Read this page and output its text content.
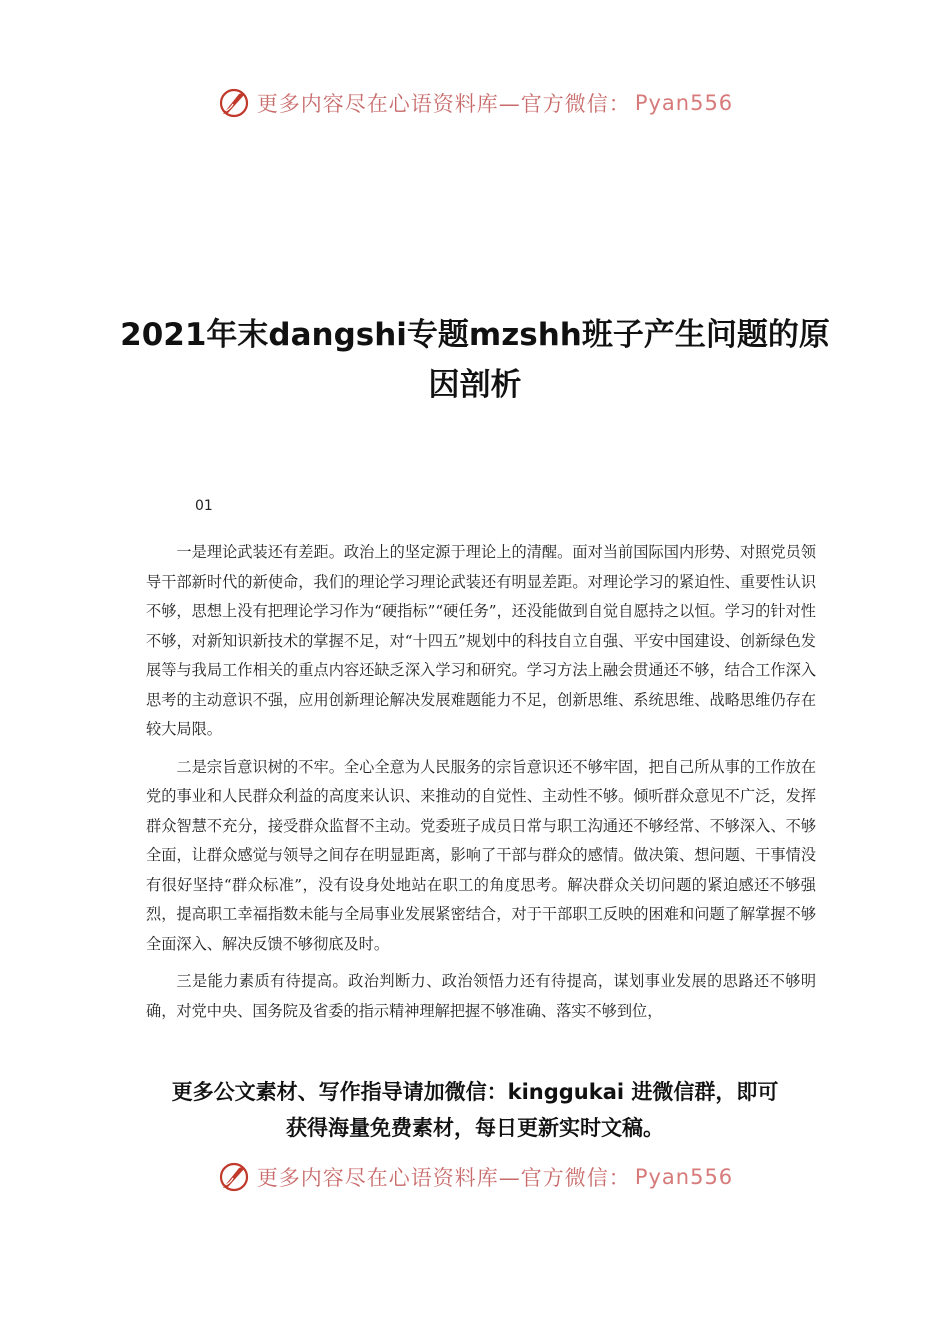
更多内容尽在心语资料库—官方微信： Pyan556
2021年末dangshi专题mzshh班子产生问题的原因剖析
01

一是理论武装还有差距。政治上的坚定源于理论上的清醒。面对当前国际国内形势、对照党员领导干部新时代的新使命，我们的理论学习理论武装还有明显差距。对理论学习的紧迫性、重要性认识不够，思想上没有把理论学习作为“硬指标”“硬任务”，还没能做到自觉自愿持之以恒。学习的针对性不够，对新知识新技术的掌握不足，对“十四五”规划中的科技自立自强、平安中国建设、创新绿色发展等与我局工作相关的重点内容还缺乏深入学习和研究。学习方法上融会贯通还不够，结合工作深入思考的主动意识不强，应用创新理论解决发展难题能力不足，创新思维、系统思维、战略思维仍存在较大局限。

二是宗旨意识树的不牢。全心全意为人民服务的宗旨意识还不够牢固，把自己所从事的工作放在党的事业和人民群众利益的高度来认识、来推动的自觉性、主动性不够。倾听群众意见不广泛，发挥群众智慧不充分，接受群众监督不主动。党委班子成员日常与职工沟通还不够经常、不够深入、不够全面，让群众感觉与领导之间存在明显距离，影响了干部与群众的感情。做决策、想问题、干事情没有很好坚持“群众标准”，没有设身处地站在职工的角度思考。解决群众关切问题的紧迫感还不够强烈，提高职工幸福指数未能与全局事业发展紧密结合，对于干部职工反映的困难和问题了解掌握不够全面深入、解决反馈不够彻底及时。

三是能力素质有待提高。政治判断力、政治领悟力还有待提高，谋划事业发展的思路还不够明确，对党中央、国务院及省委的指示精神理解把握不够准确、落实不够到位，

更多公文素材、写作指导请加微信：kinggukai 进微信群，即可
获得海量免费素材，每日更新实时文稿。
更多内容尽在心语资料库—官方微信： Pyan556
